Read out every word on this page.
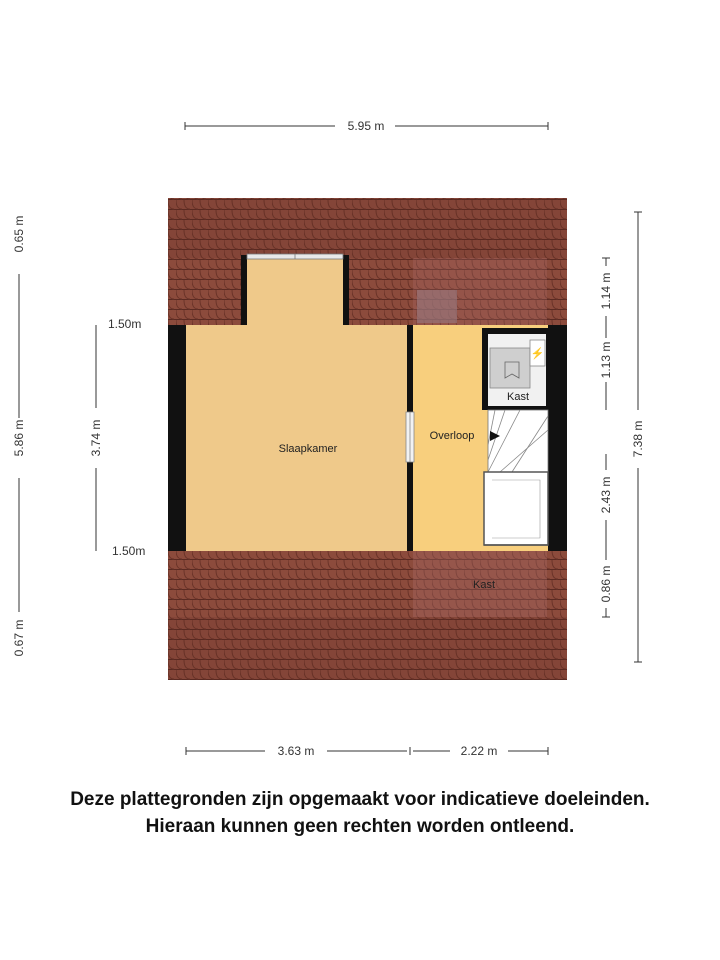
⚡
Slaapkamer
Overloop
Kast
Kast
5.95 m
3.63 m	2.22 m
0.65 m
5.86 m
0.67 m
3.74 m
1.50m
1.50m
7.38 m
1.14 m
1.13 m
2.43 m
0.86 m
Deze plattegronden zijn opgemaakt voor indicatieve doeleinden.
Hieraan kunnen geen rechten worden ontleend.
